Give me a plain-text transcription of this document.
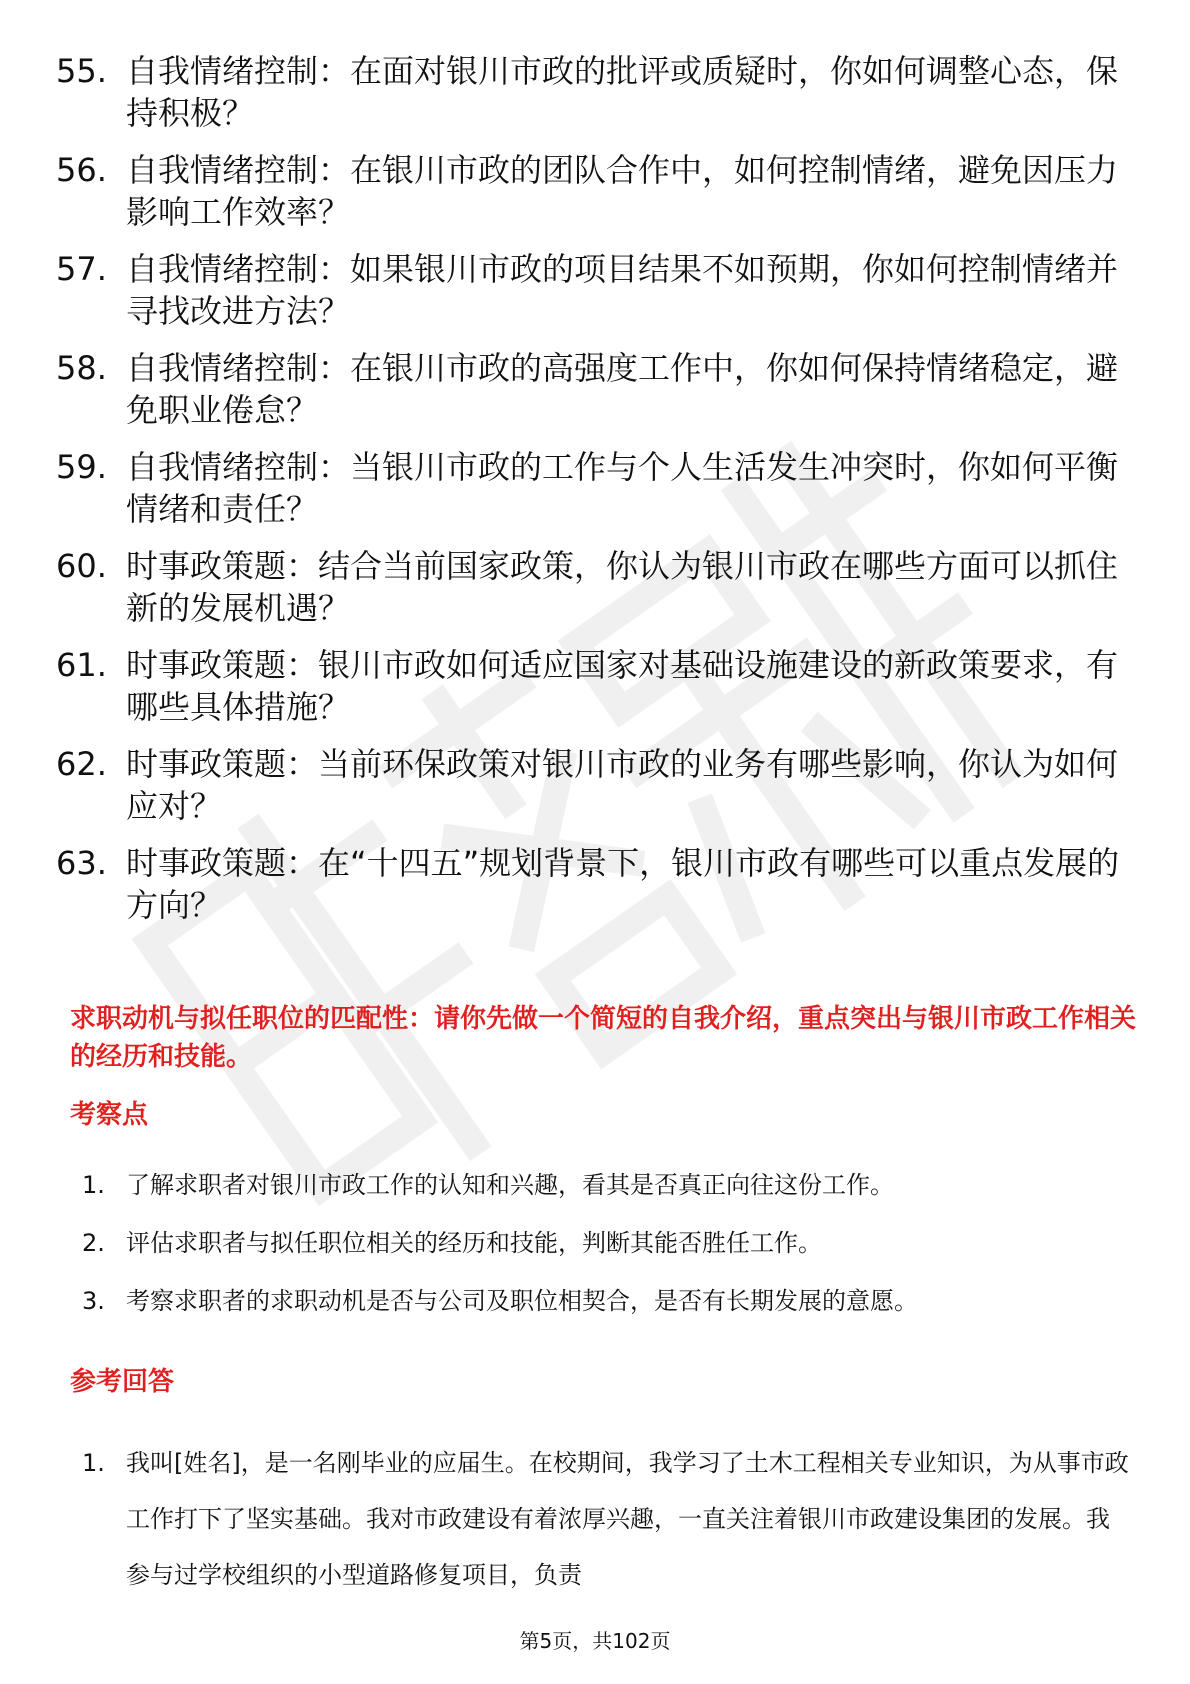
55. 自我情绪控制：在面对银川市政的批评或质疑时，你如何调整心态，保持积极？
56. 自我情绪控制：在银川市政的团队合作中，如何控制情绪，避免因压力影响工作效率？
57. 自我情绪控制：如果银川市政的项目结果不如预期，你如何控制情绪并寻找改进方法？
58. 自我情绪控制：在银川市政的高强度工作中，你如何保持情绪稳定，避免职业倦怠？
59. 自我情绪控制：当银川市政的工作与个人生活发生冲突时，你如何平衡情绪和责任？
60. 时事政策题：结合当前国家政策，你认为银川市政在哪些方面可以抓住新的发展机遇？
61. 时事政策题：银川市政如何适应国家对基础设施建设的新政策要求，有哪些具体措施？
62. 时事政策题：当前环保政策对银川市政的业务有哪些影响，你认为如何应对？
63. 时事政策题：在“十四五”规划背景下，银川市政有哪些可以重点发展的方向？
求职动机与拟任职位的匹配性：请你先做一个简短的自我介绍，重点突出与银川市政工作相关的经历和技能。
考察点
1. 了解求职者对银川市政工作的认知和兴趣，看其是否真正向往这份工作。
2. 评估求职者与拟任职位相关的经历和技能，判断其能否胜任工作。
3. 考察求职者的求职动机是否与公司及职位相契合，是否有长期发展的意愿。
参考回答
1. 我叫[姓名]，是一名刚毕业的应届生。在校期间，我学习了土木工程相关专业知识，为从事市政工作打下了坚实基础。我对市政建设有着浓厚兴趣，一直关注着银川市政建设集团的发展。我参与过学校组织的小型道路修复项目，负责
第5页，共102页
